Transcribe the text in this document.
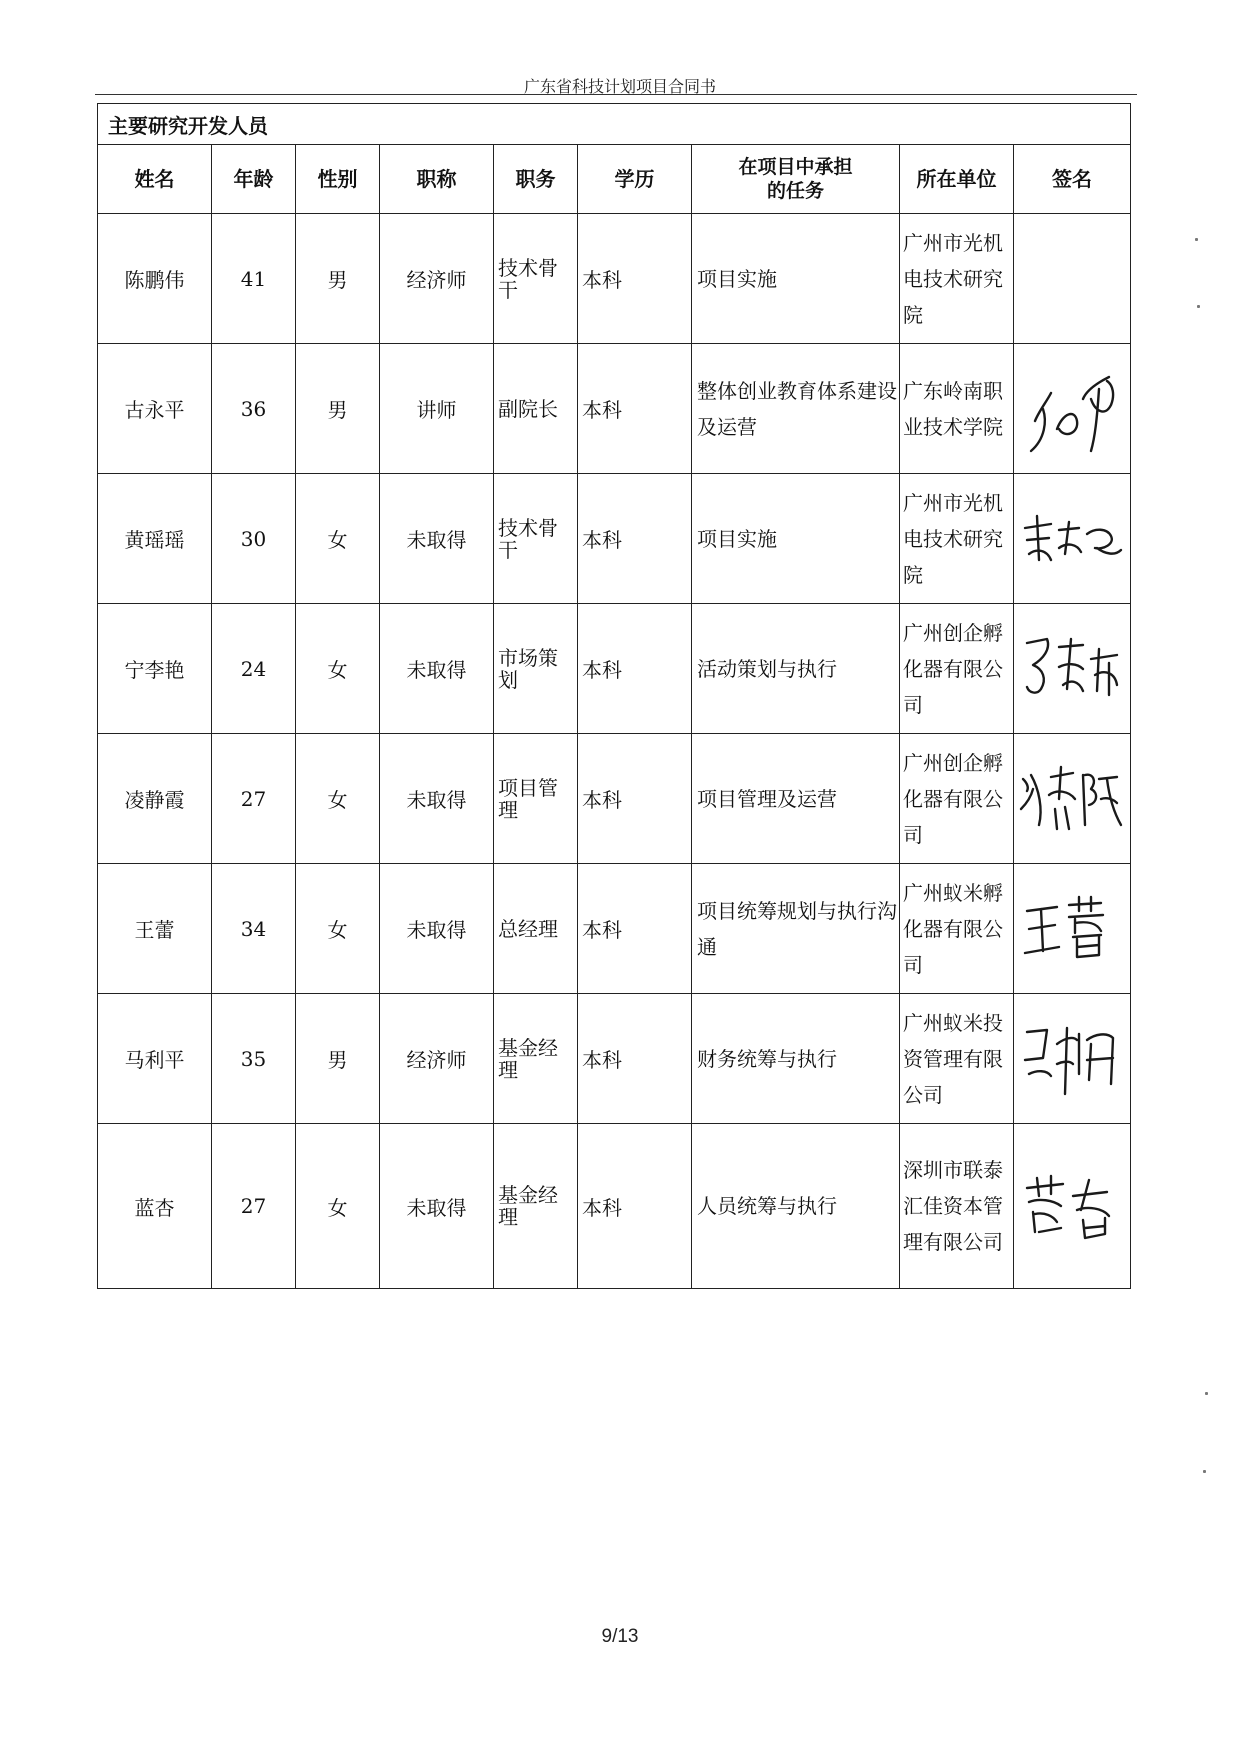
广东省科技计划项目合同书
主要研究开发人员								
姓名	年龄	性别	职称	职务	学历	在项目中承担的任务	所在单位	签名
陈鹏伟	41	男	经济师	技术骨干	本科	项目实施	广州市光机电技术研究院	
古永平	36	男	讲师	副院长	本科	整体创业教育体系建设及运营	广东岭南职业技术学院	

黄瑶瑶	30	女	未取得	技术骨干	本科	项目实施	广州市光机电技术研究院	

宁李艳	24	女	未取得	市场策划	本科	活动策划与执行	广州创企孵化器有限公司	

凌静霞	27	女	未取得	项目管理	本科	项目管理及运营	广州创企孵化器有限公司	

王蕾	34	女	未取得	总经理	本科	项目统筹规划与执行沟通	广州蚁米孵化器有限公司	

马利平	35	男	经济师	基金经理	本科	财务统筹与执行	广州蚁米投资管理有限公司	

蓝杏	27	女	未取得	基金经理	本科	人员统筹与执行	深圳市联泰汇佳资本管理有限公司	
9/13
